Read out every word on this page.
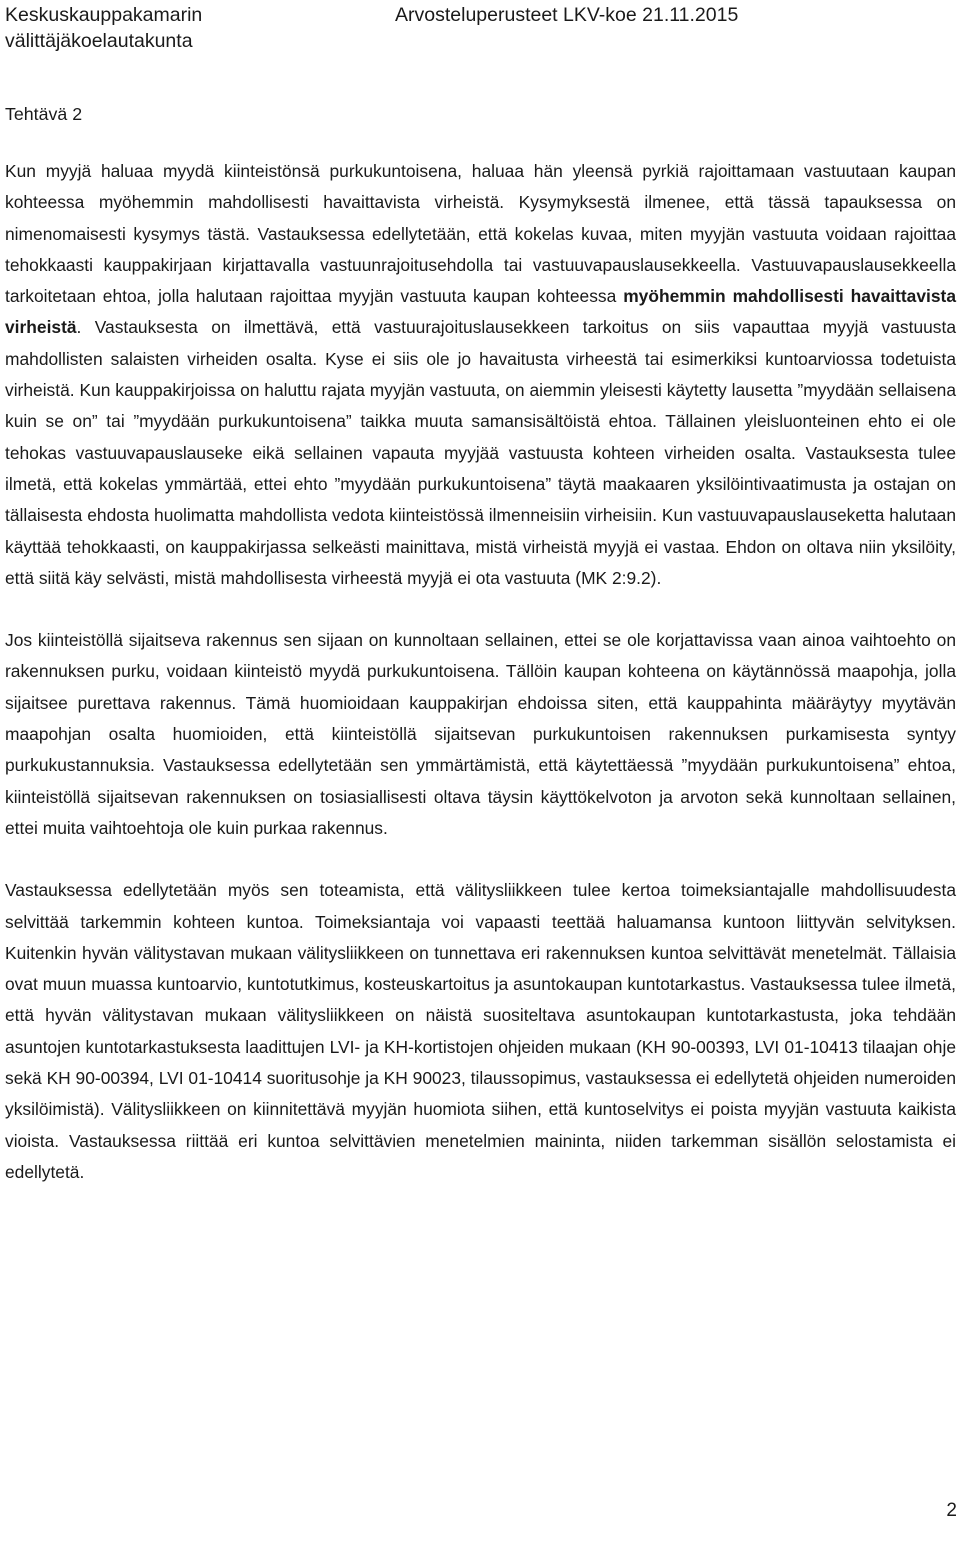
Keskuskauppakamarin
välittäjäkoelautakunta
Arvosteluperusteet LKV-koe 21.11.2015
Tehtävä 2

Kun myyjä haluaa myydä kiinteistönsä purkukuntoisena, haluaa hän yleensä pyrkiä rajoittamaan vastuutaan kaupan kohteessa myöhemmin mahdollisesti havaittavista virheistä. Kysymyksestä ilmenee, että tässä tapauksessa on nimenomaisesti kysymys tästä. Vastauksessa edellytetään, että kokelas kuvaa, miten myyjän vastuuta voidaan rajoittaa tehokkaasti kauppakirjaan kirjattavalla vastuunrajoitusehdolla tai vastuuvapauslausekkeella. Vastuuvapauslausekkeella tarkoitetaan ehtoa, jolla halutaan rajoittaa myyjän vastuuta kaupan kohteessa myöhemmin mahdollisesti havaittavista virheistä. Vastauksesta on ilmettävä, että vastuurajoituslausekkeen tarkoitus on siis vapauttaa myyjä vastuusta mahdollisten salaisten virheiden osalta. Kyse ei siis ole jo havaitusta virheestä tai esimerkiksi kuntoarviossa todetuista virheistä. Kun kauppakirjoissa on haluttu rajata myyjän vastuuta, on aiemmin yleisesti käytetty lausetta ”myydään sellaisena kuin se on” tai ”myydään purkukuntoisena” taikka muuta samansisältöistä ehtoa. Tällainen yleisluonteinen ehto ei ole tehokas vastuuvapauslauseke eikä sellainen vapauta myyjää vastuusta kohteen virheiden osalta. Vastauksesta tulee ilmetä, että kokelas ymmärtää, ettei ehto ”myydään purkukuntoisena” täytä maakaaren yksilöintivaatimusta ja ostajan on tällaisesta ehdosta huolimatta mahdollista vedota kiinteistössä ilmenneisiin virheisiin. Kun vastuuvapauslauseketta halutaan käyttää tehokkaasti, on kauppakirjassa selkeästi mainittava, mistä virheistä myyjä ei vastaa. Ehdon on oltava niin yksilöity, että siitä käy selvästi, mistä mahdollisesta virheestä myyjä ei ota vastuuta (MK 2:9.2).

Jos kiinteistöllä sijaitseva rakennus sen sijaan on kunnoltaan sellainen, ettei se ole korjattavissa vaan ainoa vaihtoehto on rakennuksen purku, voidaan kiinteistö myydä purkukuntoisena. Tällöin kaupan kohteena on käytännössä maapohja, jolla sijaitsee purettava rakennus. Tämä huomioidaan kauppakirjan ehdoissa siten, että kauppahinta määräytyy myytävän maapohjan osalta huomioiden, että kiinteistöllä sijaitsevan purkukuntoisen rakennuksen purkamisesta syntyy purkukustannuksia. Vastauksessa edellytetään sen ymmärtämistä, että käytettäessä ”myydään purkukuntoisena” ehtoa, kiinteistöllä sijaitsevan rakennuksen on tosiasiallisesti oltava täysin käyttökelvoton ja arvoton sekä kunnoltaan sellainen, ettei muita vaihtoehtoja ole kuin purkaa rakennus.

Vastauksessa edellytetään myös sen toteamista, että välitysliikkeen tulee kertoa toimeksiantajalle mahdollisuudesta selvittää tarkemmin kohteen kuntoa. Toimeksiantaja voi vapaasti teettää haluamansa kuntoon liittyvän selvityksen. Kuitenkin hyvän välitystavan mukaan välitysliikkeen on tunnettava eri rakennuksen kuntoa selvittävät menetelmät. Tällaisia ovat muun muassa kuntoarvio, kuntotutkimus, kosteuskartoitus ja asuntokaupan kuntotarkastus. Vastauksessa tulee ilmetä, että hyvän välitystavan mukaan välitysliikkeen on näistä suositeltava asuntokaupan kuntotarkastusta, joka tehdään asuntojen kuntotarkastuksesta laadittujen LVI- ja KH-kortistojen ohjeiden mukaan (KH 90-00393, LVI 01-10413 tilaajan ohje sekä KH 90-00394, LVI 01-10414 suoritusohje ja KH 90023, tilaussopimus, vastauksessa ei edellytetä ohjeiden numeroiden yksilöimistä). Välitysliikkeen on kiinnitettävä myyjän huomiota siihen, että kuntoselvitys ei poista myyjän vastuuta kaikista vioista. Vastauksessa riittää eri kuntoa selvittävien menetelmien maininta, niiden tarkemman sisällön selostamista ei edellytetä.

2
